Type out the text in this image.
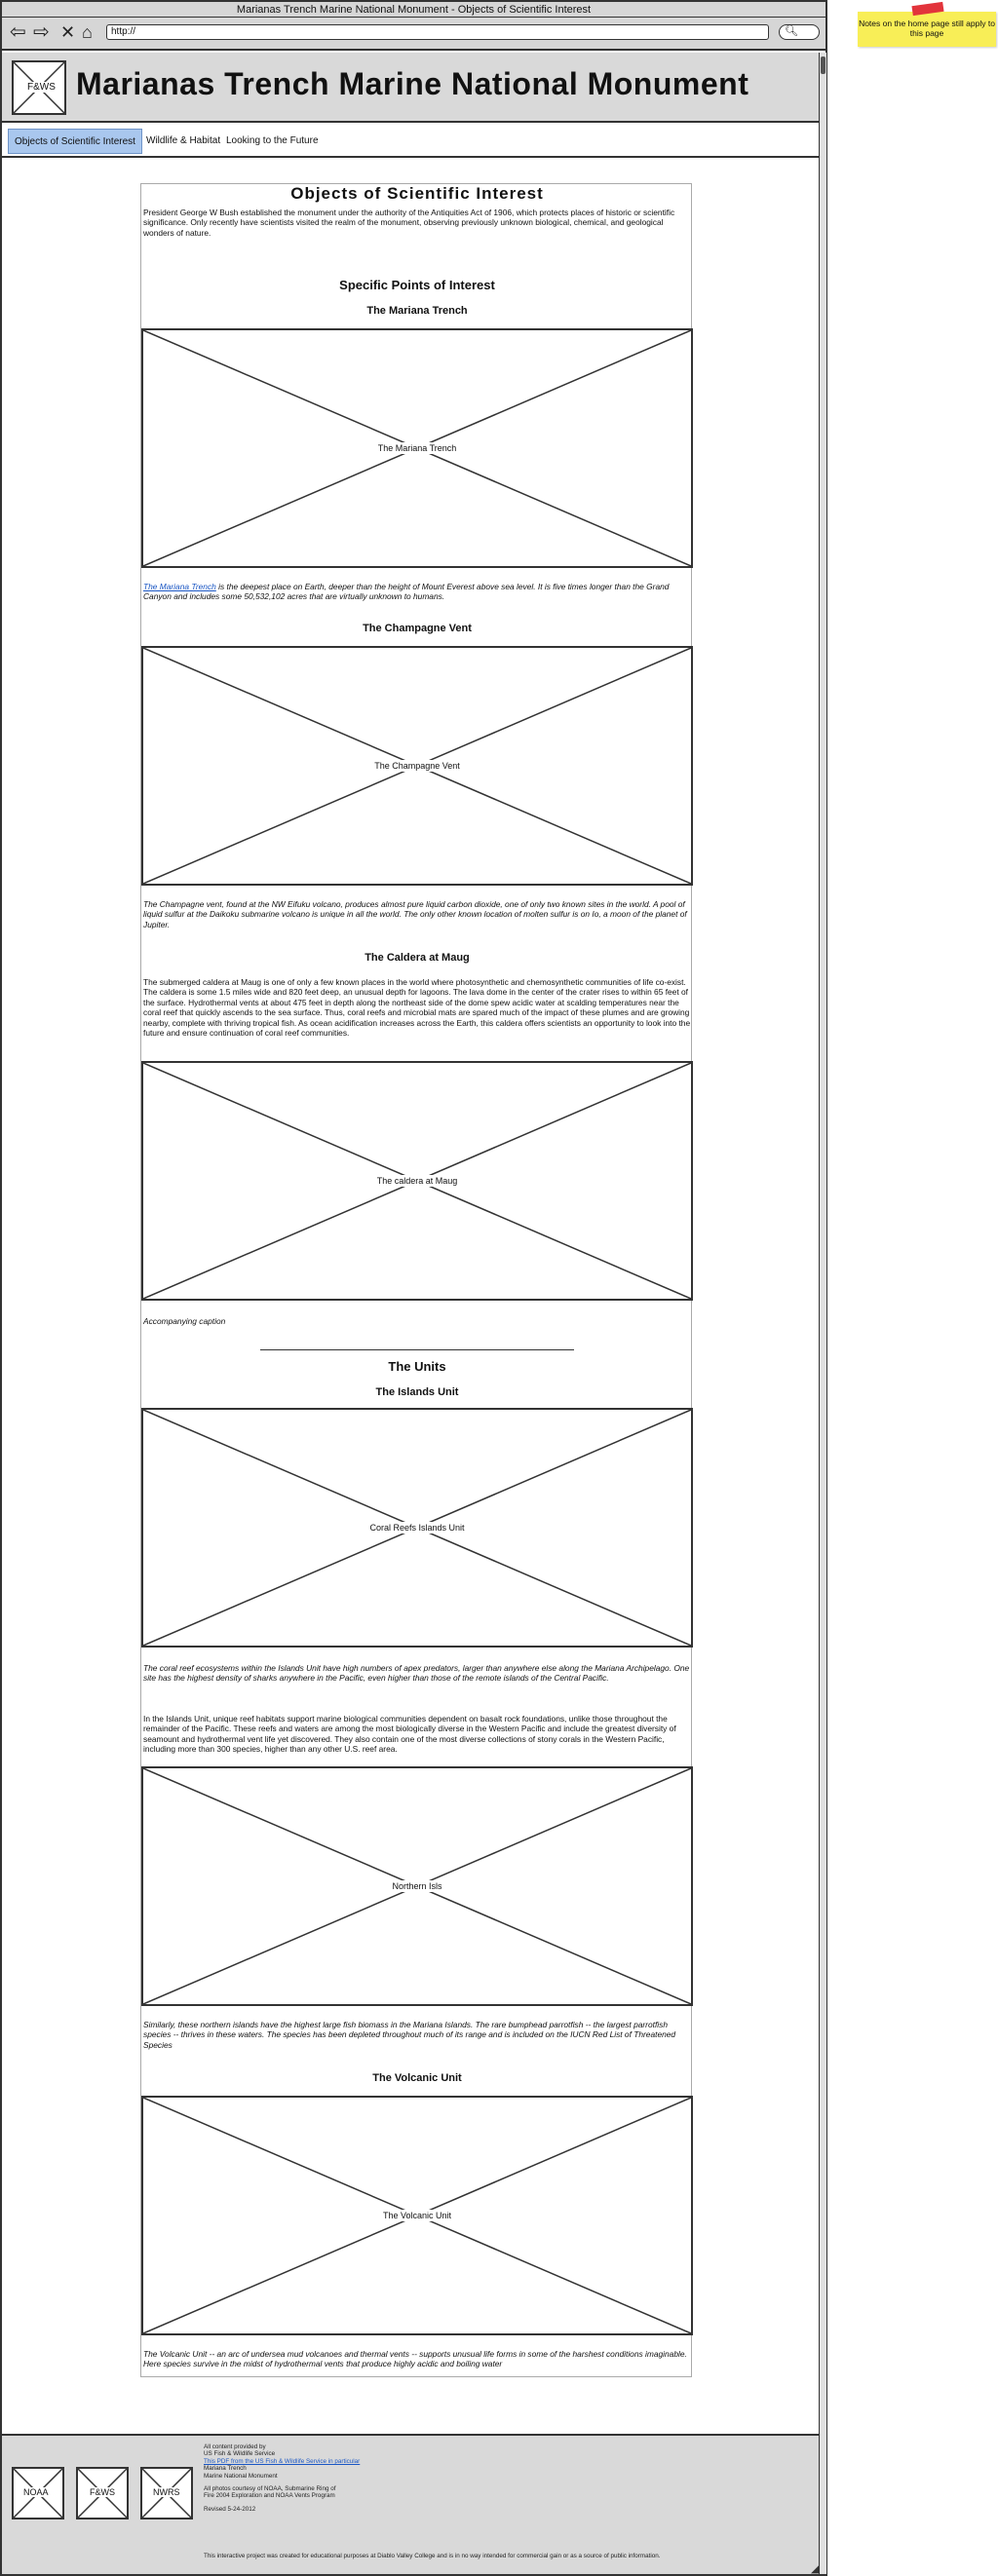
Marianas Trench Marine National Monument - Objects of Scientific Interest
⇦ ⇨ ✕ ⌂	http://	🔍︎
F&WS Marianas Trench Marine National Monument
Objects of Scientific Interest	Wildlife & Habitat Looking to the Future
Objects of Scientific Interest
President George W Bush established the monument under the authority of the Antiquities Act of 1906, which protects places of historic or scientific significance. Only recently have scientists visited the realm of the monument, observing previously unknown biological, chemical, and geological wonders of nature.
Specific Points of Interest
The Mariana Trench
The Mariana Trench
The Mariana Trench is the deepest place on Earth, deeper than the height of Mount Everest above sea level. It is five times longer than the Grand Canyon and includes some 50,532,102 acres that are virtually unknown to humans.
The Champagne Vent
The Champagne Vent
The Champagne vent, found at the NW Eifuku volcano, produces almost pure liquid carbon dioxide, one of only two known sites in the world. A pool of liquid sulfur at the Daikoku submarine volcano is unique in all the world. The only other known location of molten sulfur is on Io, a moon of the planet of Jupiter.
The Caldera at Maug
The submerged caldera at Maug is one of only a few known places in the world where photosynthetic and chemosynthetic communities of life co-exist. The caldera is some 1.5 miles wide and 820 feet deep, an unusual depth for lagoons. The lava dome in the center of the crater rises to within 65 feet of the surface. Hydrothermal vents at about 475 feet in depth along the northeast side of the dome spew acidic water at scalding temperatures near the coral reef that quickly ascends to the sea surface. Thus, coral reefs and microbial mats are spared much of the impact of these plumes and are growing nearby, complete with thriving tropical fish. As ocean acidification increases across the Earth, this caldera offers scientists an opportunity to look into the future and ensure continuation of coral reef communities.
The caldera at Maug
Accompanying caption
The Units
The Islands Unit
Coral Reefs Islands Unit
The coral reef ecosystems within the Islands Unit have high numbers of apex predators, larger than anywhere else along the Mariana Archipelago. One site has the highest density of sharks anywhere in the Pacific, even higher than those of the remote islands of the Central Pacific.
In the Islands Unit, unique reef habitats support marine biological communities dependent on basalt rock foundations, unlike those throughout the remainder of the Pacific. These reefs and waters are among the most biologically diverse in the Western Pacific and include the greatest diversity of seamount and hydrothermal vent life yet discovered. They also contain one of the most diverse collections of stony corals in the Western Pacific, including more than 300 species, higher than any other U.S. reef area.
Northern Isls
Similarly, these northern islands have the highest large fish biomass in the Mariana Islands. The rare bumphead parrotfish -- the largest parrotfish species -- thrives in these waters. The species has been depleted throughout much of its range and is included on the IUCN Red List of Threatened Species
The Volcanic Unit
The Volcanic Unit
The Volcanic Unit -- an arc of undersea mud volcanoes and thermal vents -- supports unusual life forms in some of the harshest conditions imaginable. Here species survive in the midst of hydrothermal vents that produce highly acidic and boiling water
NOAA	F&WS	NWRS
All content provided by
US Fish & Wildlife Service
This PDF from the US Fish & Wildlife Service in particular
Mariana Trench
Marine National Monument
All photos courtesy of NOAA, Submarine Ring of
Fire 2004 Exploration and NOAA Vents Program
Revised 5-24-2012
This interactive project was created for educational purposes at Diablo Valley College and is in no way intended for commercial gain or as a source of public information.
◢
Notes on the home page still apply to this page
